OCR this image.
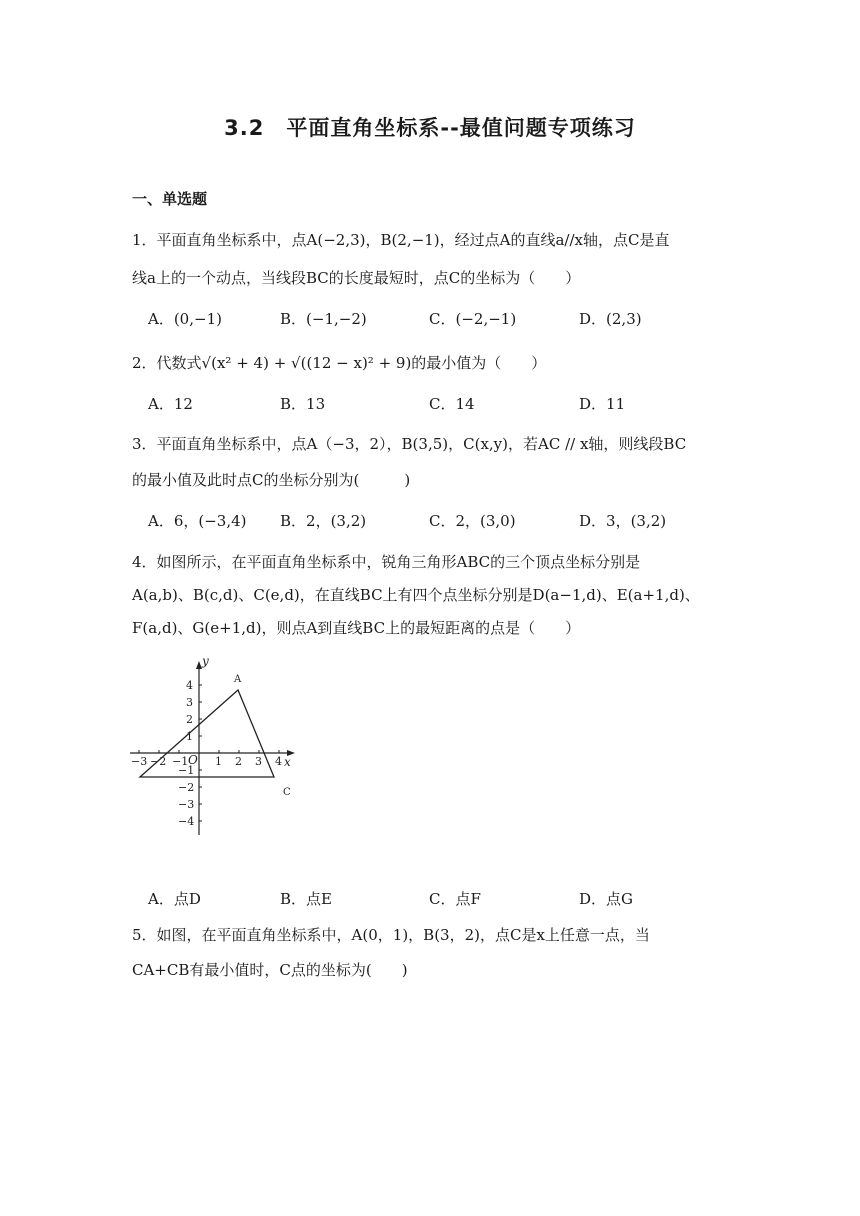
3.2　平面直角坐标系--最值问题专项练习
一、单选题
1．平面直角坐标系中，点A(−2,3)，B(2,−1)，经过点A的直线a//x轴，点C是直
线a上的一个动点，当线段BC的长度最短时，点C的坐标为（　　）
A．(0,−1)	B．(−1,−2)	C．(−2,−1)	D．(2,3)
2．代数式√(x² + 4) + √((12 − x)² + 9)的最小值为（　　）
A．12	B．13	C．14	D．11
3．平面直角坐标系中，点A（−3，2），B(3,5)，C(x,y)，若AC // x轴，则线段BC
的最小值及此时点C的坐标分别为(　　　)
A．6，(−3,4) B．2，(3,2)	C．2，(3,0)	D．3，(3,2)
4．如图所示，在平面直角坐标系中，锐角三角形ABC的三个顶点坐标分别是
A(a,b)、B(c,d)、C(e,d)，在直线BC上有四个点坐标分别是D(a−1,d)、E(a+1,d)、
F(a,d)、G(e+1,d)，则点A到直线BC上的最短距离的点是（　　）
−3 −2 −1 1 2 3 4
4
3
2
1
−1
−2
−3
−4
O	x
y
A
C
A．点D	B．点E	C．点F	D．点G
5．如图，在平面直角坐标系中，A(0，1)，B(3，2)，点C是x上任意一点，当
CA+CB有最小值时，C点的坐标为(　　)
